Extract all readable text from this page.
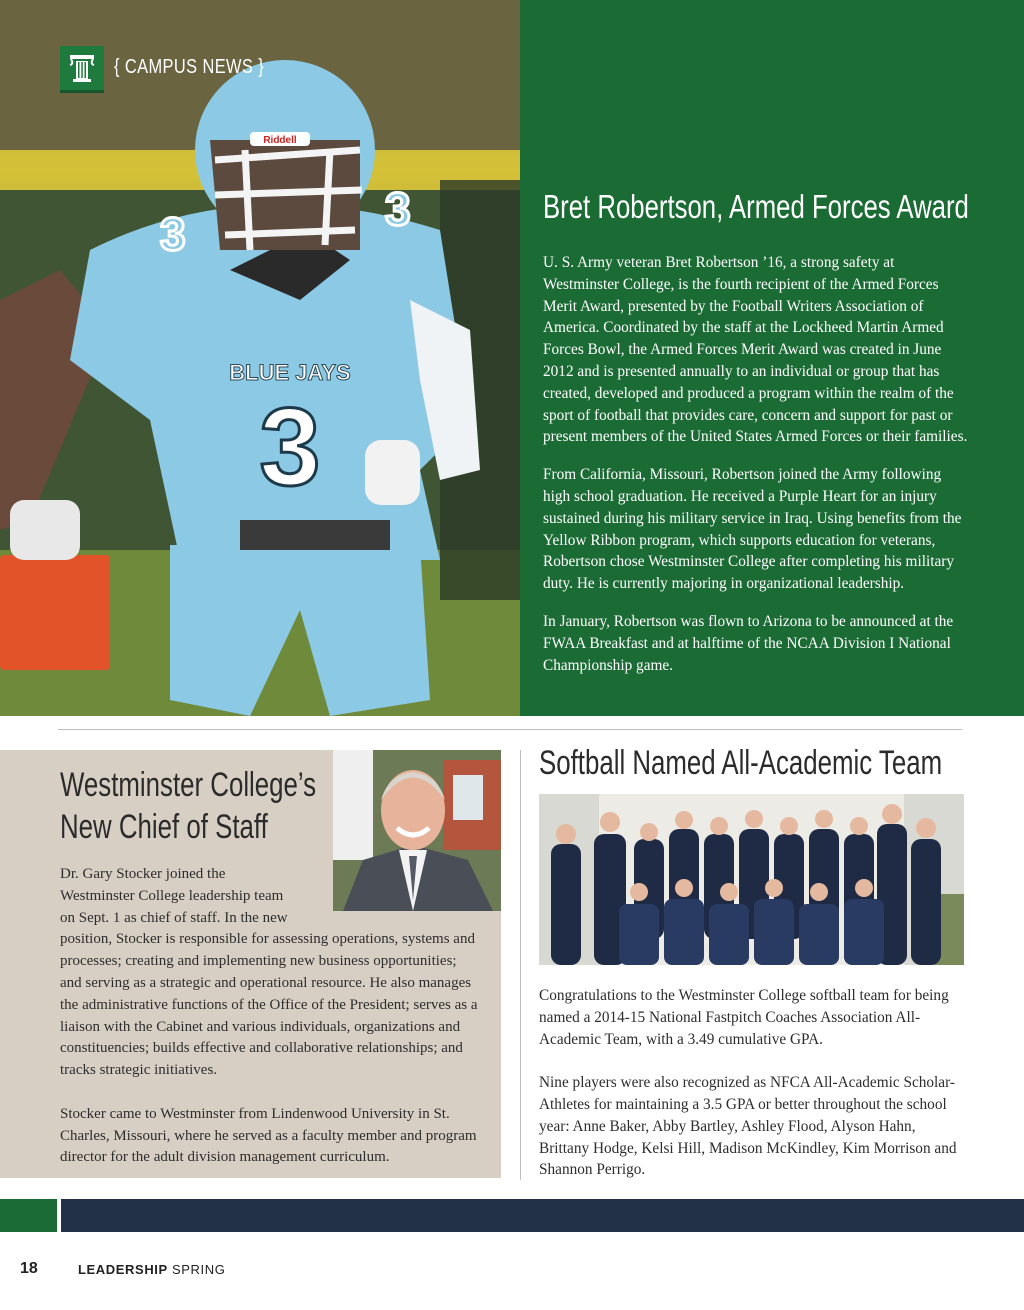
Riddell
BLUE JAYS
3
3	3
{ CAMPUS NEWS }
Bret Robertson, Armed Forces Award

U. S. Army veteran Bret Robertson ’16, a strong safety at Westminster College, is the fourth recipient of the Armed Forces Merit Award, presented by the Football Writers Association of America. Coordinated by the staff at the Lockheed Martin Armed Forces Bowl, the Armed Forces Merit Award was created in June 2012 and is presented annually to an individual or group that has created, developed and produced a program within the realm of the sport of football that provides care, concern and support for past or present members of the United States Armed Forces or their families.

From California, Missouri, Robertson joined the Army following high school graduation. He received a Purple Heart for an injury sustained during his military service in Iraq. Using benefits from the Yellow Ribbon program, which supports education for veterans, Robertson chose Westminster College after completing his military duty. He is currently majoring in organizational leadership.

In January, Robertson was flown to Arizona to be announced at the FWAA Breakfast and at halftime of the NCAA Division I National Championship game.

Westminster College’s
New Chief of Staff

Dr. Gary Stocker joined the Westminster College leadership team on Sept. 1 as chief of staff. In the new position, Stocker is responsible for assessing operations, systems and processes; creating and implementing new business opportunities; and serving as a strategic and operational resource. He also manages the administrative functions of the Office of the President; serves as a liaison with the Cabinet and various individuals, organizations and constituencies; builds effective and collaborative relationships; and tracks strategic initiatives.

Stocker came to Westminster from Lindenwood University in St. Charles, Missouri, where he served as a faculty member and program director for the adult division management curriculum.

Softball Named All-Academic Team

Congratulations to the Westminster College softball team for being named a 2014-15 National Fastpitch Coaches Association All-Academic Team, with a 3.49 cumulative GPA.

Nine players were also recognized as NFCA All-Academic Scholar-Athletes for maintaining a 3.5 GPA or better throughout the school year: Anne Baker, Abby Bartley, Ashley Flood, Alyson Hahn, Brittany Hodge, Kelsi Hill, Madison McKindley, Kim Morrison and Shannon Perrigo.

18	LEADERSHIP SPRING
